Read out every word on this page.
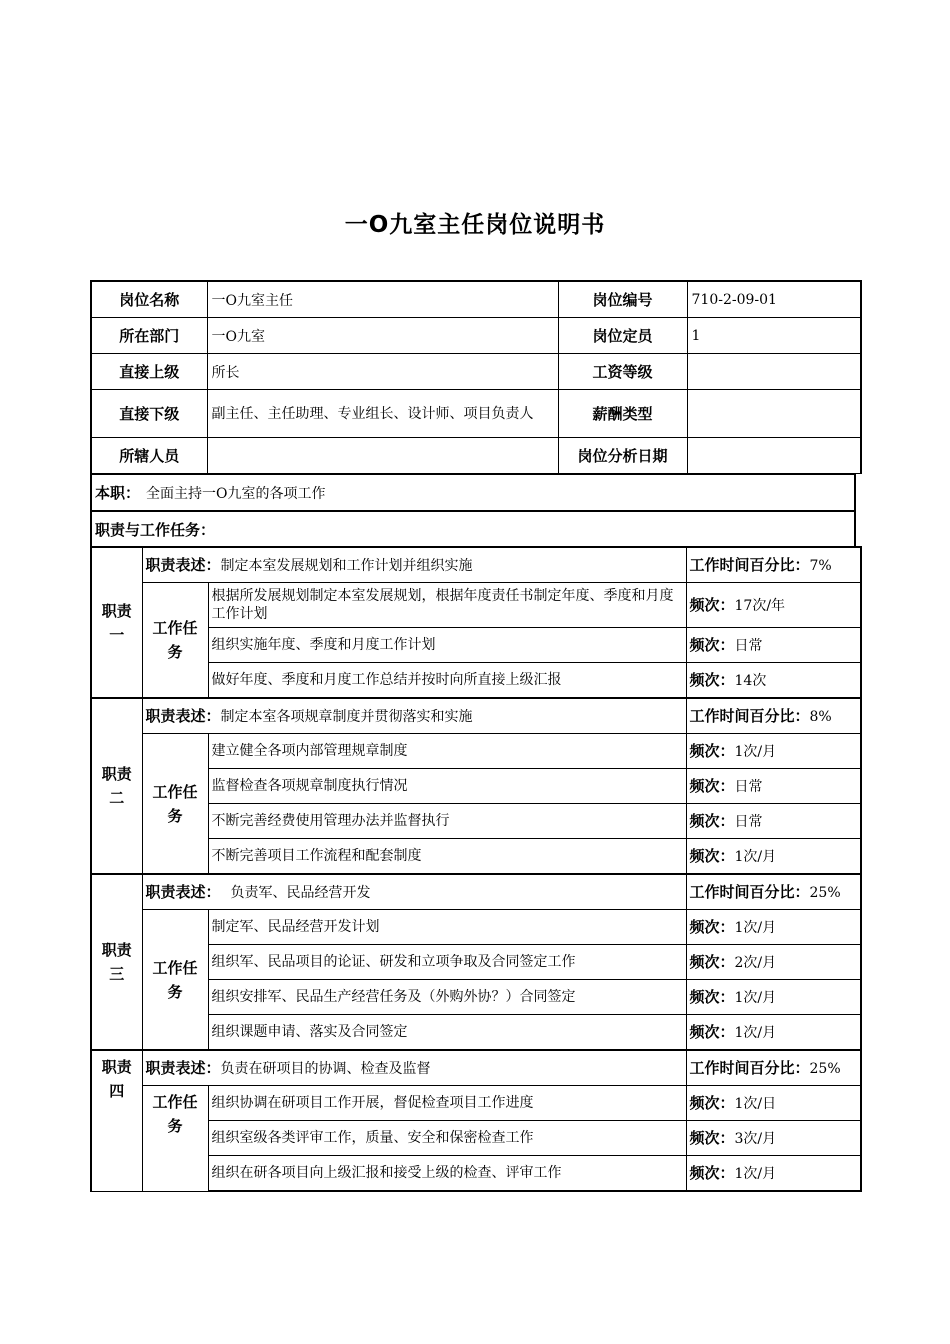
一O九室主任岗位说明书
岗位名称	一O九室主任	岗位编号	710-2-09-01
所在部门	一O九室	岗位定员	1
直接上级	所长	工资等级	
直接下级	副主任、主任助理、专业组长、设计师、项目负责人	薪酬类型	
所辖人员		岗位分析日期	
本职： 全面主持一O九室的各项工作
职责与工作任务：
职责一	职责表述：制定本室发展规划和工作计划并组织实施		工作时间百分比：7%
	工作任务	根据所发展规划制定本室发展规划，根据年度责任书制定年度、季度和月度工作计划	频次：17次/年
		组织实施年度、季度和月度工作计划	频次：日常
		做好年度、季度和月度工作总结并按时向所直接上级汇报	频次：14次
职责二	职责表述：制定本室各项规章制度并贯彻落实和实施		工作时间百分比：8%
	工作任务	建立健全各项内部管理规章制度	频次：1次/月
		监督检查各项规章制度执行情况	频次：日常
		不断完善经费使用管理办法并监督执行	频次：日常
		不断完善项目工作流程和配套制度	频次：1次/月
职责三	职责表述： 负责军、民品经营开发		工作时间百分比：25%
	工作任务	制定军、民品经营开发计划	频次：1次/月
		组织军、民品项目的论证、研发和立项争取及合同签定工作	频次：2次/月
		组织安排军、民品生产经营任务及（外购外协？）合同签定	频次：1次/月
		组织课题申请、落实及合同签定	频次：1次/月
职责四	职责表述：负责在研项目的协调、检查及监督		工作时间百分比：25%
	工作任务	组织协调在研项目工作开展，督促检查项目工作进度	频次：1次/日
		组织室级各类评审工作，质量、安全和保密检查工作	频次：3次/月
		组织在研各项目向上级汇报和接受上级的检查、评审工作	频次：1次/月
